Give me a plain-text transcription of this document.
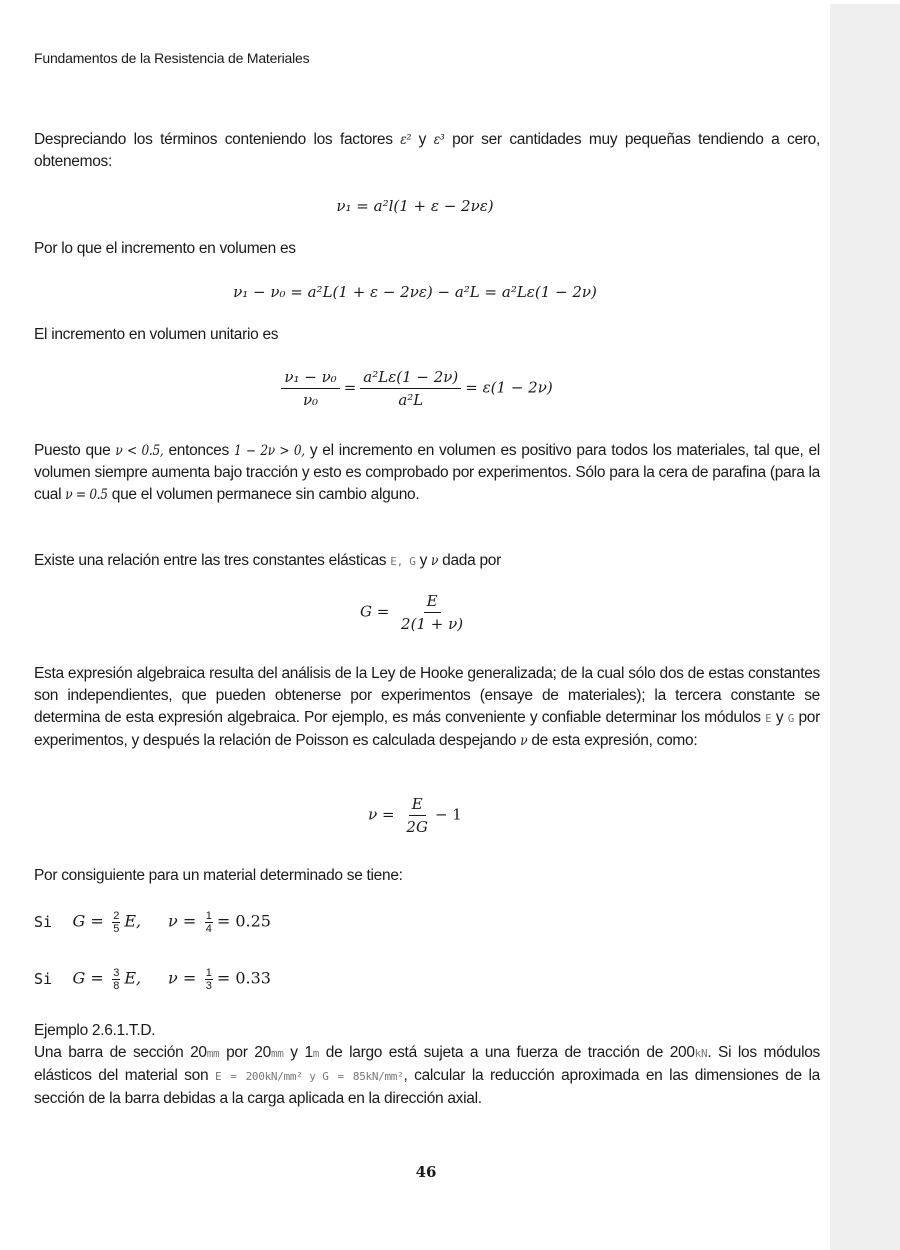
Fundamentos de la Resistencia de Materiales
Despreciando los términos conteniendo los factores ε² y ε³ por ser cantidades muy pequeñas tendiendo a cero, obtenemos:
ν₁ = a²l(1 + ε − 2νε)
Por lo que el incremento en volumen es
ν₁ − ν₀ = a²L(1 + ε − 2νε) − a²L = a²Lε(1 − 2ν)
El incremento en volumen unitario es
$\frac{\text{ν₁ − ν₀}}{\text{ν₀}} = \frac{\text{a²Lε(1 − 2ν)}}{\text{a²L}} = \varepsilon(1 - 2\nu)$
Puesto que ν < 0.5, entonces 1 − 2ν > 0, y el incremento en volumen es positivo para todos los materiales, tal que, el volumen siempre aumenta bajo tracción y esto es comprobado por experimentos. Sólo para la cera de parafina (para la cual ν = 0.5 que el volumen permanece sin cambio alguno.
Existe una relación entre las tres constantes elásticas E, G y ν dada por
$G = \frac{E}{2(1 + \nu)}$
Esta expresión algebraica resulta del análisis de la Ley de Hooke generalizada; de la cual sólo dos de estas constantes son independientes, que pueden obtenerse por experimentos (ensaye de materiales); la tercera constante se determina de esta expresión algebraica. Por ejemplo, es más conveniente y confiable determinar los módulos E y G por experimentos, y después la relación de Poisson es calculada despejando ν de esta expresión, como:
$\nu = \frac{E}{2G} - 1$
Por consiguiente para un material determinado se tiene:
Si $G = \frac{2}{5} E$, $\nu = \frac{1}{4} = 0.25$
Si $G = \frac{3}{8} E$, $\nu = \frac{1}{3} = 0.33$
Ejemplo 2.6.1.T.D.
Una barra de sección 20mm por 20mm y 1m de largo está sujeta a una fuerza de tracción de 200kN. Si los módulos elásticos del material son E = 200kN/mm² y G = 85kN/mm², calcular la reducción aproximada en las dimensiones de la sección de la barra debidas a la carga aplicada en la dirección axial.
46
